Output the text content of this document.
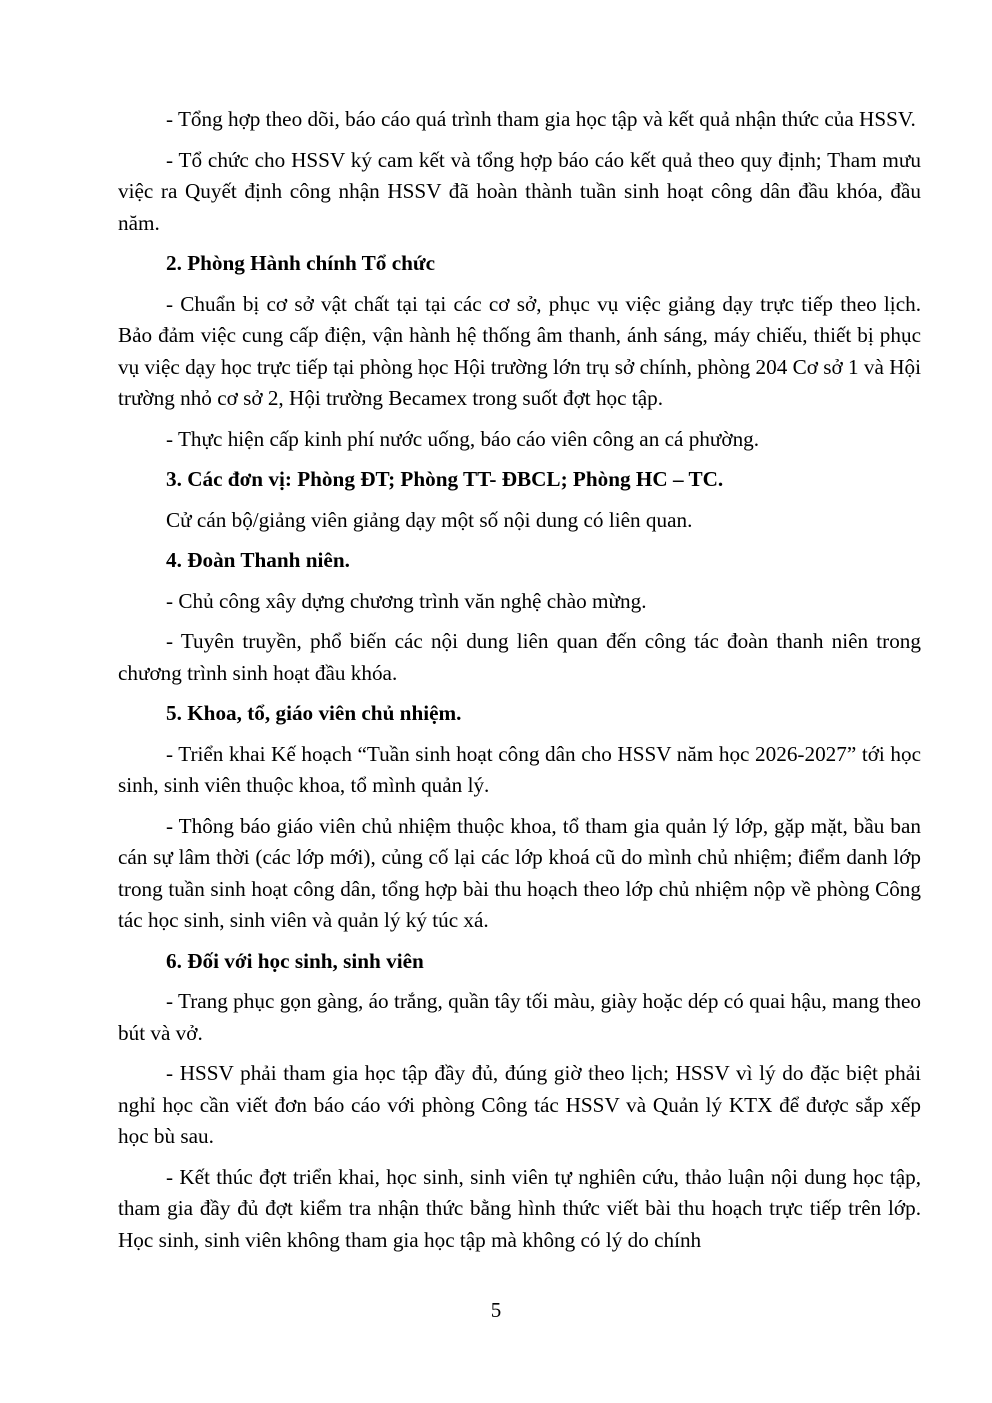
- Tổng hợp theo dõi, báo cáo quá trình tham gia học tập và kết quả nhận thức của HSSV.

- Tổ chức cho HSSV ký cam kết và tổng hợp báo cáo kết quả theo quy định; Tham mưu việc ra Quyết định công nhận HSSV đã hoàn thành tuần sinh hoạt công dân đầu khóa, đầu năm.

2. Phòng Hành chính Tổ chức

- Chuẩn bị cơ sở vật chất tại tại các cơ sở, phục vụ việc giảng dạy trực tiếp theo lịch. Bảo đảm việc cung cấp điện, vận hành hệ thống âm thanh, ánh sáng, máy chiếu, thiết bị phục vụ việc dạy học trực tiếp tại phòng học Hội trường lớn trụ sở chính, phòng 204 Cơ sở 1 và Hội trường nhỏ cơ sở 2, Hội trường Becamex trong suốt đợt học tập.

- Thực hiện cấp kinh phí nước uống, báo cáo viên công an cá phường.

3. Các đơn vị: Phòng ĐT; Phòng TT- ĐBCL; Phòng HC – TC.

Cử cán bộ/giảng viên giảng dạy một số nội dung có liên quan.

4. Đoàn Thanh niên.

- Chủ công xây dựng chương trình văn nghệ chào mừng.

- Tuyên truyền, phổ biến các nội dung liên quan đến công tác đoàn thanh niên trong chương trình sinh hoạt đầu khóa.

5. Khoa, tổ, giáo viên chủ nhiệm.

- Triển khai Kế hoạch “Tuần sinh hoạt công dân cho HSSV năm học 2026-2027” tới học sinh, sinh viên thuộc khoa, tổ mình quản lý.

- Thông báo giáo viên chủ nhiệm thuộc khoa, tổ tham gia quản lý lớp, gặp mặt, bầu ban cán sự lâm thời (các lớp mới), củng cố lại các lớp khoá cũ do mình chủ nhiệm; điểm danh lớp trong tuần sinh hoạt công dân, tổng hợp bài thu hoạch theo lớp chủ nhiệm nộp về phòng Công tác học sinh, sinh viên và quản lý ký túc xá.

6. Đối với học sinh, sinh viên

- Trang phục gọn gàng, áo trắng, quần tây tối màu, giày hoặc dép có quai hậu, mang theo bút và vở.

- HSSV phải tham gia học tập đầy đủ, đúng giờ theo lịch; HSSV vì lý do đặc biệt phải nghỉ học cần viết đơn báo cáo với phòng Công tác HSSV và Quản lý KTX để được sắp xếp học bù sau.

- Kết thúc đợt triển khai, học sinh, sinh viên tự nghiên cứu, thảo luận nội dung học tập, tham gia đầy đủ đợt kiểm tra nhận thức bằng hình thức viết bài thu hoạch trực tiếp trên lớp. Học sinh, sinh viên không tham gia học tập mà không có lý do chính

5
